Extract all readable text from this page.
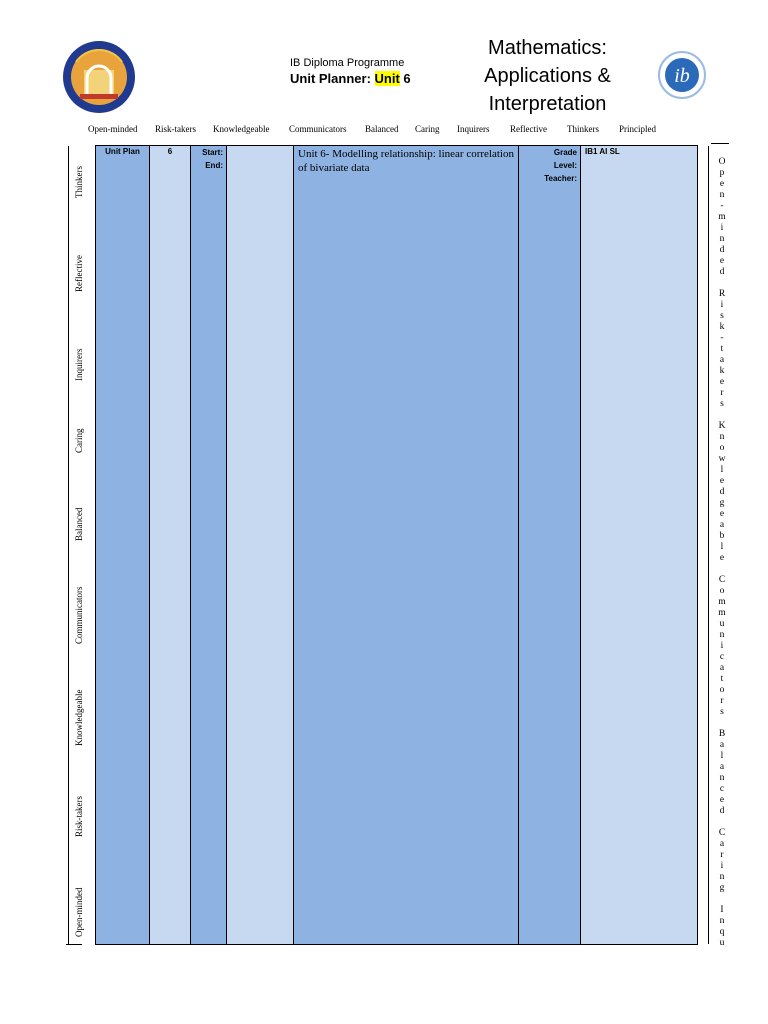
IB Diploma Programme
Unit Planner: Unit 6
Mathematics:
Applications &
Interpretation
ib
Open-minded Risk-takers Knowledgeable Communicators Balanced Caring Inquirers Reflective Thinkers Principled
Thinkers
Reflective
Inquirers
Caring
Balanced
Communicators
Knowledgeable
Risk-takers
Open-minded
Unit Plan	6	Start:
End:
Unit 6- Modelling relationship: linear correlation of bivariate data
Grade
Level:
Teacher:
IB1 AI SL
O
p
e
n
-
m
i
n
d
e
d

R
i
s
k
-
t
a
k
e
r
s

K
n
o
w
l
e
d
g
e
a
b
l
e

C
o
m
m
u
n
i
c
a
t
o
r
s

B
a
l
a
n
c
e
d

C
a
r
i
n
g

I
n
q
u
